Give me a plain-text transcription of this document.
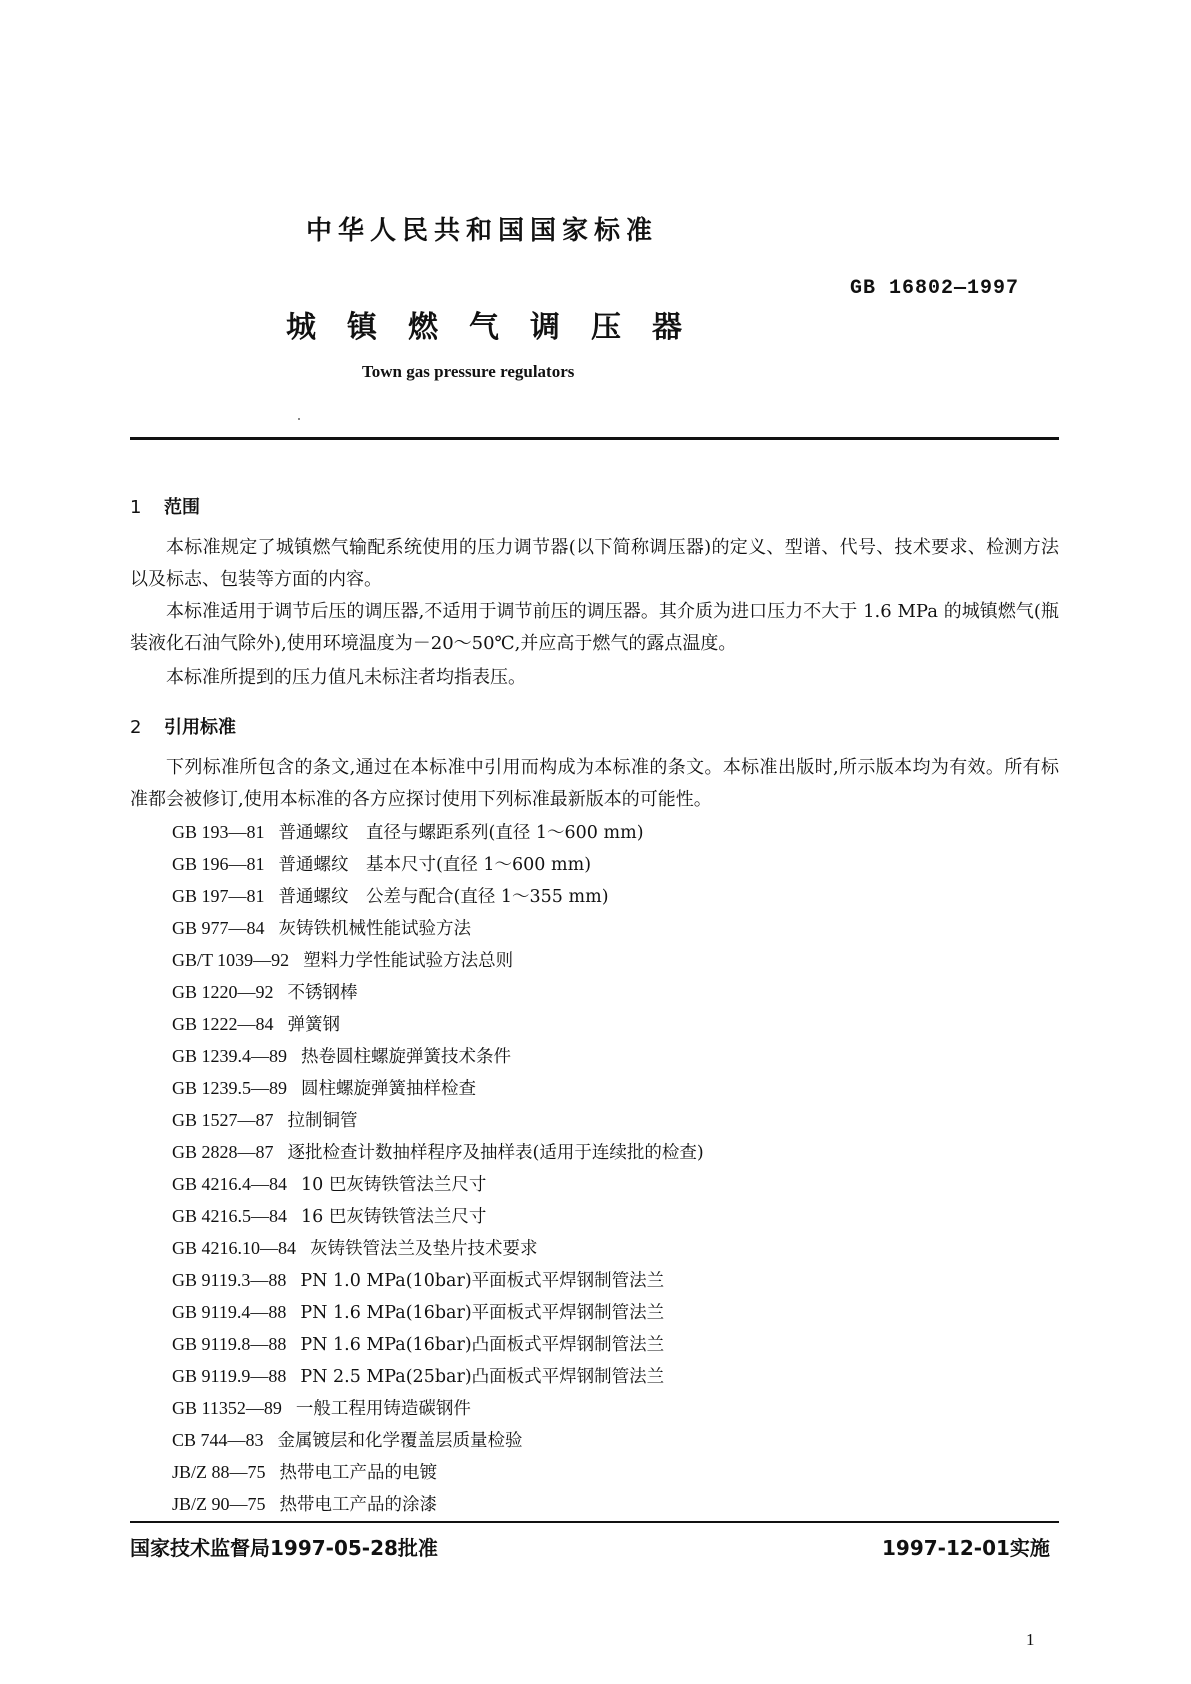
中华人民共和国国家标准
GB 16802—1997
城镇燃气调压器
Town gas pressure regulators
1 范围

本标准规定了城镇燃气输配系统使用的压力调节器(以下简称调压器)的定义、型谱、代号、技术要求、检测方法以及标志、包装等方面的内容。

本标准适用于调节后压的调压器,不适用于调节前压的调压器。其介质为进口压力不大于 1.6 MPa 的城镇燃气(瓶装液化石油气除外),使用环境温度为－20～50℃,并应高于燃气的露点温度。

本标准所提到的压力值凡未标注者均指表压。

2 引用标准

下列标准所包含的条文,通过在本标准中引用而构成为本标准的条文。本标准出版时,所示版本均为有效。所有标准都会被修订,使用本标准的各方应探讨使用下列标准最新版本的可能性。

GB 193—81 普通螺纹　直径与螺距系列(直径 1～600 mm)
GB 196—81 普通螺纹　基本尺寸(直径 1～600 mm)
GB 197—81 普通螺纹　公差与配合(直径 1～355 mm)
GB 977—84 灰铸铁机械性能试验方法
GB/T 1039—92 塑料力学性能试验方法总则
GB 1220—92 不锈钢棒
GB 1222—84 弹簧钢
GB 1239.4—89 热卷圆柱螺旋弹簧技术条件
GB 1239.5—89 圆柱螺旋弹簧抽样检查
GB 1527—87 拉制铜管
GB 2828—87 逐批检查计数抽样程序及抽样表(适用于连续批的检查)
GB 4216.4—84 10 巴灰铸铁管法兰尺寸
GB 4216.5—84 16 巴灰铸铁管法兰尺寸
GB 4216.10—84 灰铸铁管法兰及垫片技术要求
GB 9119.3—88 PN 1.0 MPa(10bar)平面板式平焊钢制管法兰
GB 9119.4—88 PN 1.6 MPa(16bar)平面板式平焊钢制管法兰
GB 9119.8—88 PN 1.6 MPa(16bar)凸面板式平焊钢制管法兰
GB 9119.9—88 PN 2.5 MPa(25bar)凸面板式平焊钢制管法兰
GB 11352—89 一般工程用铸造碳钢件
CB 744—83 金属镀层和化学覆盖层质量检验
JB/Z 88—75 热带电工产品的电镀
JB/Z 90—75 热带电工产品的涂漆
国家技术监督局1997-05-28批准	1997-12-01实施
1
